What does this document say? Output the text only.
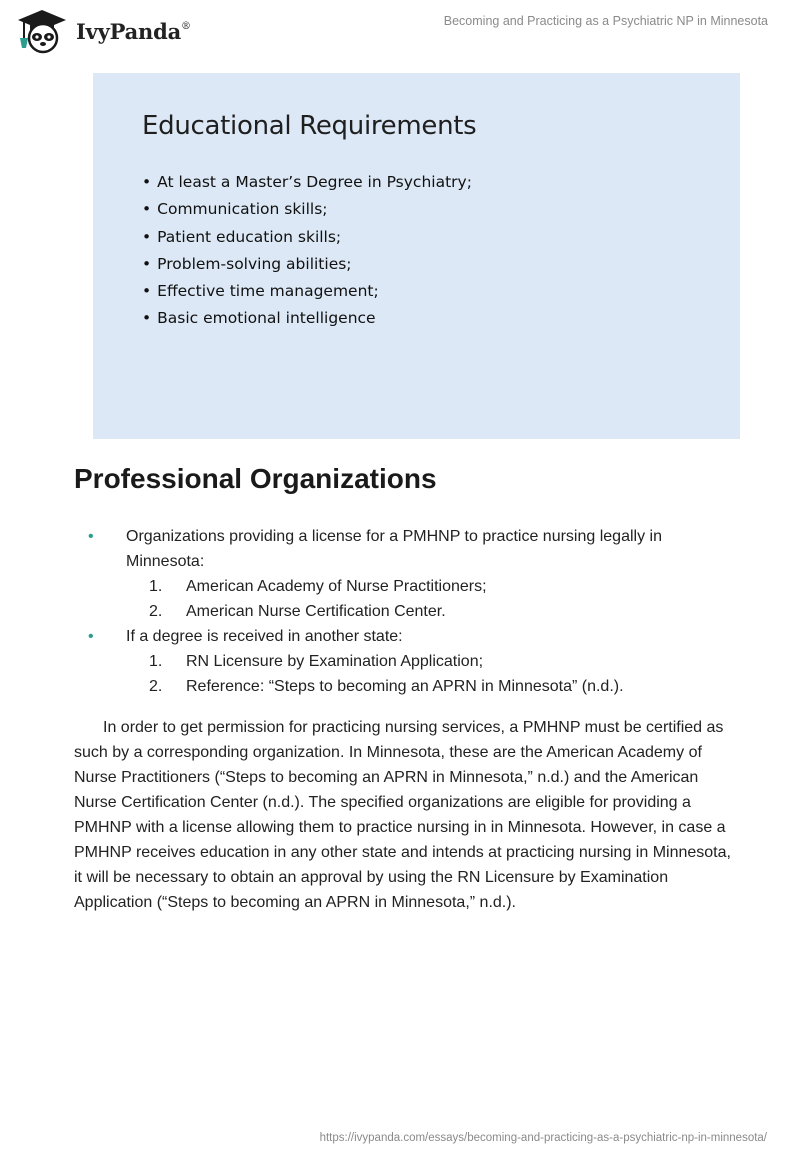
IvyPanda®	Becoming and Practicing as a Psychiatric NP in Minnesota
Educational Requirements
• At least a Master’s Degree in Psychiatry;
• Communication skills;
• Patient education skills;
• Problem-solving abilities;
• Effective time management;
• Basic emotional intelligence
Professional Organizations
• Organizations providing a license for a PMHNP to practice nursing legally in Minnesota:
1. American Academy of Nurse Practitioners;
2. American Nurse Certification Center.
• If a degree is received in another state:
1. RN Licensure by Examination Application;
2. Reference: “Steps to becoming an APRN in Minnesota” (n.d.).

In order to get permission for practicing nursing services, a PMHNP must be certified as such by a corresponding organization. In Minnesota, these are the American Academy of Nurse Practitioners (“Steps to becoming an APRN in Minnesota,” n.d.) and the American Nurse Certification Center (n.d.). The specified organizations are eligible for providing a PMHNP with a license allowing them to practice nursing in in Minnesota. However, in case a PMHNP receives education in any other state and intends at practicing nursing in Minnesota, it will be necessary to obtain an approval by using the RN Licensure by Examination Application (“Steps to becoming an APRN in Minnesota,” n.d.).

https://ivypanda.com/essays/becoming-and-practicing-as-a-psychiatric-np-in-minnesota/
